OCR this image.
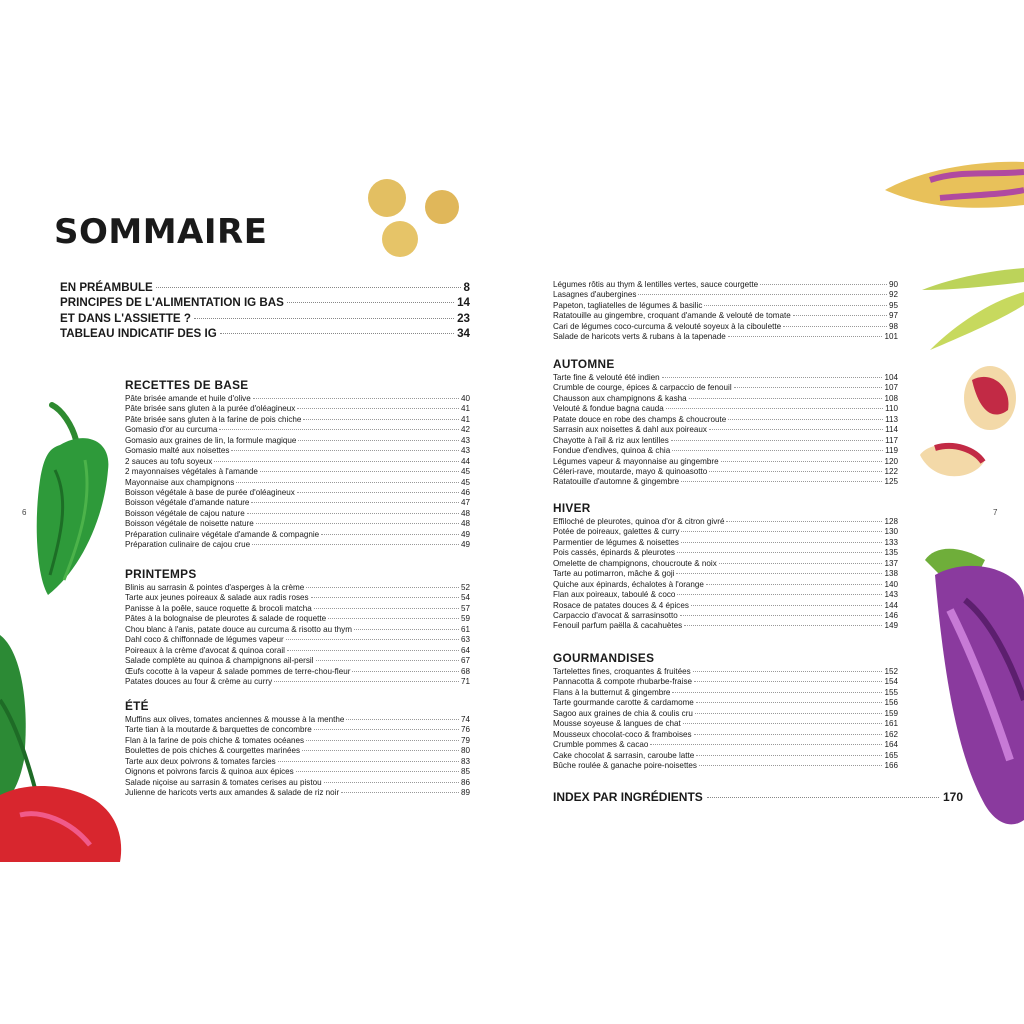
6	7
SOMMAIRE
EN PRÉAMBULE	8
PRINCIPES DE L'ALIMENTATION IG BAS	14
ET DANS L'ASSIETTE ?	23
TABLEAU INDICATIF DES IG	34
RECETTES DE BASE
Pâte brisée amande et huile d'olive	40
Pâte brisée sans gluten à la purée d'oléagineux	41
Pâte brisée sans gluten à la farine de pois chiche	41
Gomasio d'or au curcuma	42
Gomasio aux graines de lin, la formule magique	43
Gomasio malté aux noisettes	43
2 sauces au tofu soyeux	44
2 mayonnaises végétales à l'amande	45
Mayonnaise aux champignons	45
Boisson végétale à base de purée d'oléagineux	46
Boisson végétale d'amande nature	47
Boisson végétale de cajou nature	48
Boisson végétale de noisette nature	48
Préparation culinaire végétale d'amande & compagnie	49
Préparation culinaire de cajou crue	49
PRINTEMPS
Blinis au sarrasin & pointes d'asperges à la crème	52
Tarte aux jeunes poireaux & salade aux radis roses	54
Panisse à la poêle, sauce roquette & brocoli matcha	57
Pâtes à la bolognaise de pleurotes & salade de roquette	59
Chou blanc à l'anis, patate douce au curcuma & risotto au thym	61
Dahl coco & chiffonnade de légumes vapeur	63
Poireaux à la crème d'avocat & quinoa corail	64
Salade complète au quinoa & champignons ail-persil	67
Œufs cocotte à la vapeur & salade pommes de terre-chou-fleur	68
Patates douces au four & crème au curry	71
ÉTÉ
Muffins aux olives, tomates anciennes & mousse à la menthe	74
Tarte tian à la moutarde & barquettes de concombre	76
Flan à la farine de pois chiche & tomates océanes	79
Boulettes de pois chiches & courgettes marinées	80
Tarte aux deux poivrons & tomates farcies	83
Oignons et poivrons farcis & quinoa aux épices	85
Salade niçoise au sarrasin & tomates cerises au pistou	86
Julienne de haricots verts aux amandes & salade de riz noir	89
Légumes rôtis au thym & lentilles vertes, sauce courgette	90
Lasagnes d'aubergines	92
Papeton, tagliatelles de légumes & basilic	95
Ratatouille au gingembre, croquant d'amande & velouté de tomate	97
Cari de légumes coco-curcuma & velouté soyeux à la ciboulette	98
Salade de haricots verts & rubans à la tapenade	101
AUTOMNE
Tarte fine & velouté été indien	104
Crumble de courge, épices & carpaccio de fenouil	107
Chausson aux champignons & kasha	108
Velouté & fondue bagna cauda	110
Patate douce en robe des champs & choucroute	113
Sarrasin aux noisettes & dahl aux poireaux	114
Chayotte à l'ail & riz aux lentilles	117
Fondue d'endives, quinoa & chia	119
Légumes vapeur & mayonnaise au gingembre	120
Céleri-rave, moutarde, mayo & quinoasotto	122
Ratatouille d'automne & gingembre	125
HIVER
Effiloché de pleurotes, quinoa d'or & citron givré	128
Potée de poireaux, galettes & curry	130
Parmentier de légumes & noisettes	133
Pois cassés, épinards & pleurotes	135
Omelette de champignons, choucroute & noix	137
Tarte au potimarron, mâche & goji	138
Quiche aux épinards, échalotes à l'orange	140
Flan aux poireaux, taboulé & coco	143
Rosace de patates douces & 4 épices	144
Carpaccio d'avocat & sarrasinsotto	146
Fenouil parfum paëlla & cacahuètes	149
GOURMANDISES
Tartelettes fines, croquantes & fruitées	152
Pannacotta & compote rhubarbe-fraise	154
Flans à la butternut & gingembre	155
Tarte gourmande carotte & cardamome	156
Sagoo aux graines de chia & coulis cru	159
Mousse soyeuse & langues de chat	161
Mousseux chocolat-coco & framboises	162
Crumble pommes & cacao	164
Cake chocolat & sarrasin, caroube latte	165
Bûche roulée & ganache poire-noisettes	166
INDEX PAR INGRÉDIENTS	170
